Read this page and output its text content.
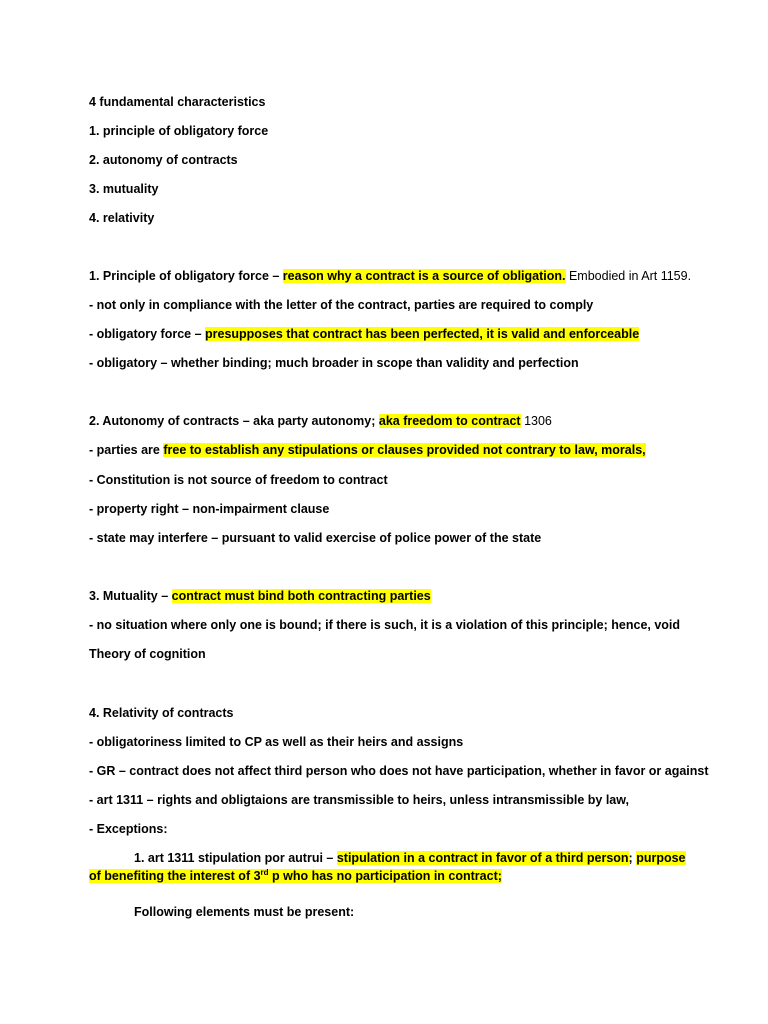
4 fundamental characteristics
1. principle of obligatory force
2. autonomy of contracts
3. mutuality
4. relativity
1. Principle of obligatory force – reason why a contract is a source of obligation. Embodied in Art 1159.
- not only in compliance with the letter of the contract, parties are required to comply
- obligatory force – presupposes that contract has been perfected, it is valid and enforceable
- obligatory – whether binding; much broader in scope than validity and perfection
2. Autonomy of contracts – aka party autonomy; aka freedom to contract 1306
- parties are free to establish any stipulations or clauses provided not contrary to law, morals,
- Constitution is not source of freedom to contract
- property right – non-impairment clause
- state may interfere – pursuant to valid exercise of police power of the state
3. Mutuality – contract must bind both contracting parties
- no situation where only one is bound; if there is such, it is a violation of this principle; hence, void
Theory of cognition
4. Relativity of contracts
- obligatoriness limited to CP as well as their heirs and assigns
- GR – contract does not affect third person who does not have participation, whether in favor or against
- art 1311 – rights and obligtaions are transmissible to heirs, unless intransmissible by law,
- Exceptions:
1. art 1311 stipulation por autrui – stipulation in a contract in favor of a third person; purpose
of benefiting the interest of 3rd p who has no participation in contract;
Following elements must be present:
